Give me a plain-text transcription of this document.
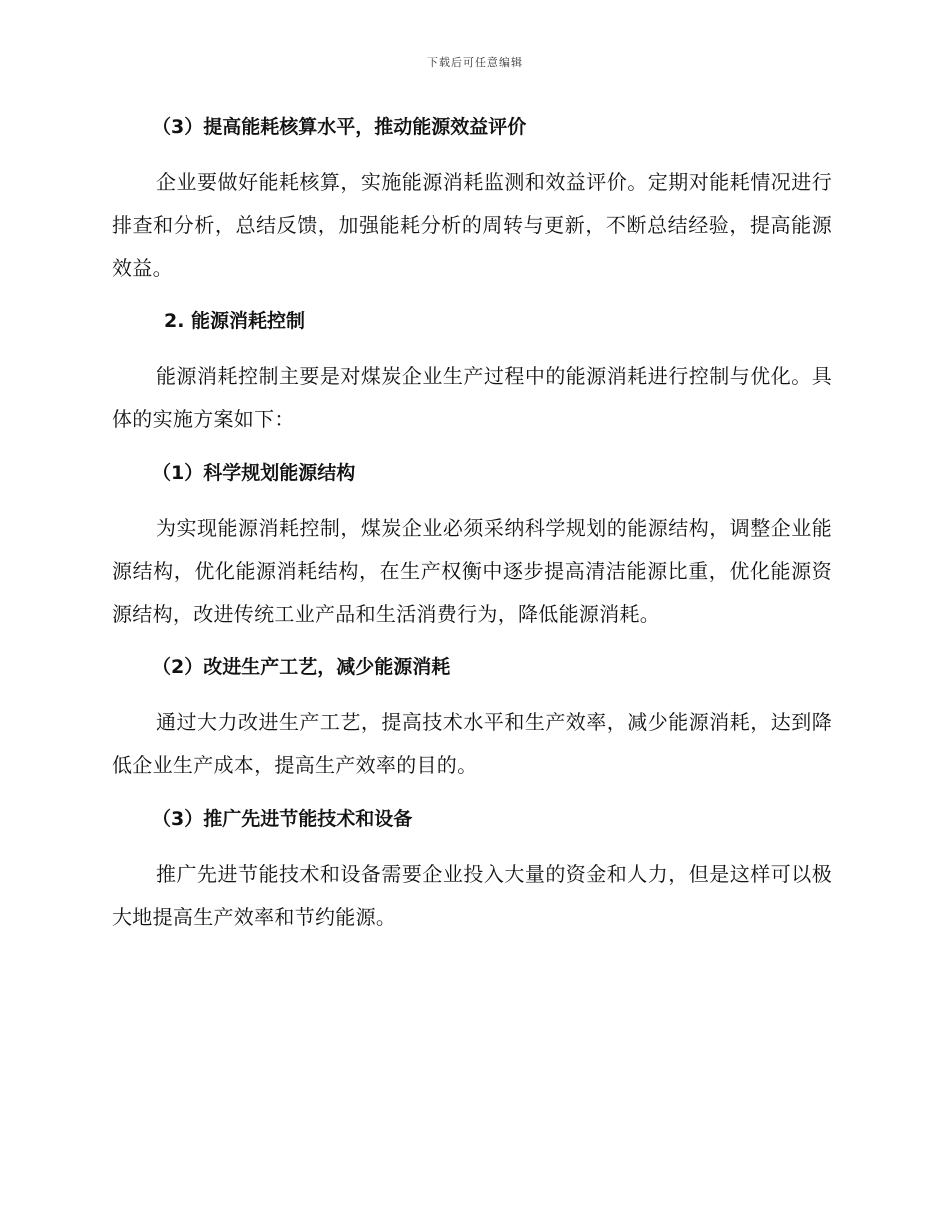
下载后可任意编辑
（3）提高能耗核算水平，推动能源效益评价
企业要做好能耗核算，实施能源消耗监测和效益评价。定期对能耗情况进行排查和分析，总结反馈，加强能耗分析的周转与更新，不断总结经验，提高能源效益。
2. 能源消耗控制
能源消耗控制主要是对煤炭企业生产过程中的能源消耗进行控制与优化。具体的实施方案如下：
（1）科学规划能源结构
为实现能源消耗控制，煤炭企业必须采纳科学规划的能源结构，调整企业能源结构，优化能源消耗结构，在生产权衡中逐步提高清洁能源比重，优化能源资源结构，改进传统工业产品和生活消费行为，降低能源消耗。
（2）改进生产工艺，减少能源消耗
通过大力改进生产工艺，提高技术水平和生产效率，减少能源消耗，达到降低企业生产成本，提高生产效率的目的。
（3）推广先进节能技术和设备
推广先进节能技术和设备需要企业投入大量的资金和人力，但是这样可以极大地提高生产效率和节约能源。
